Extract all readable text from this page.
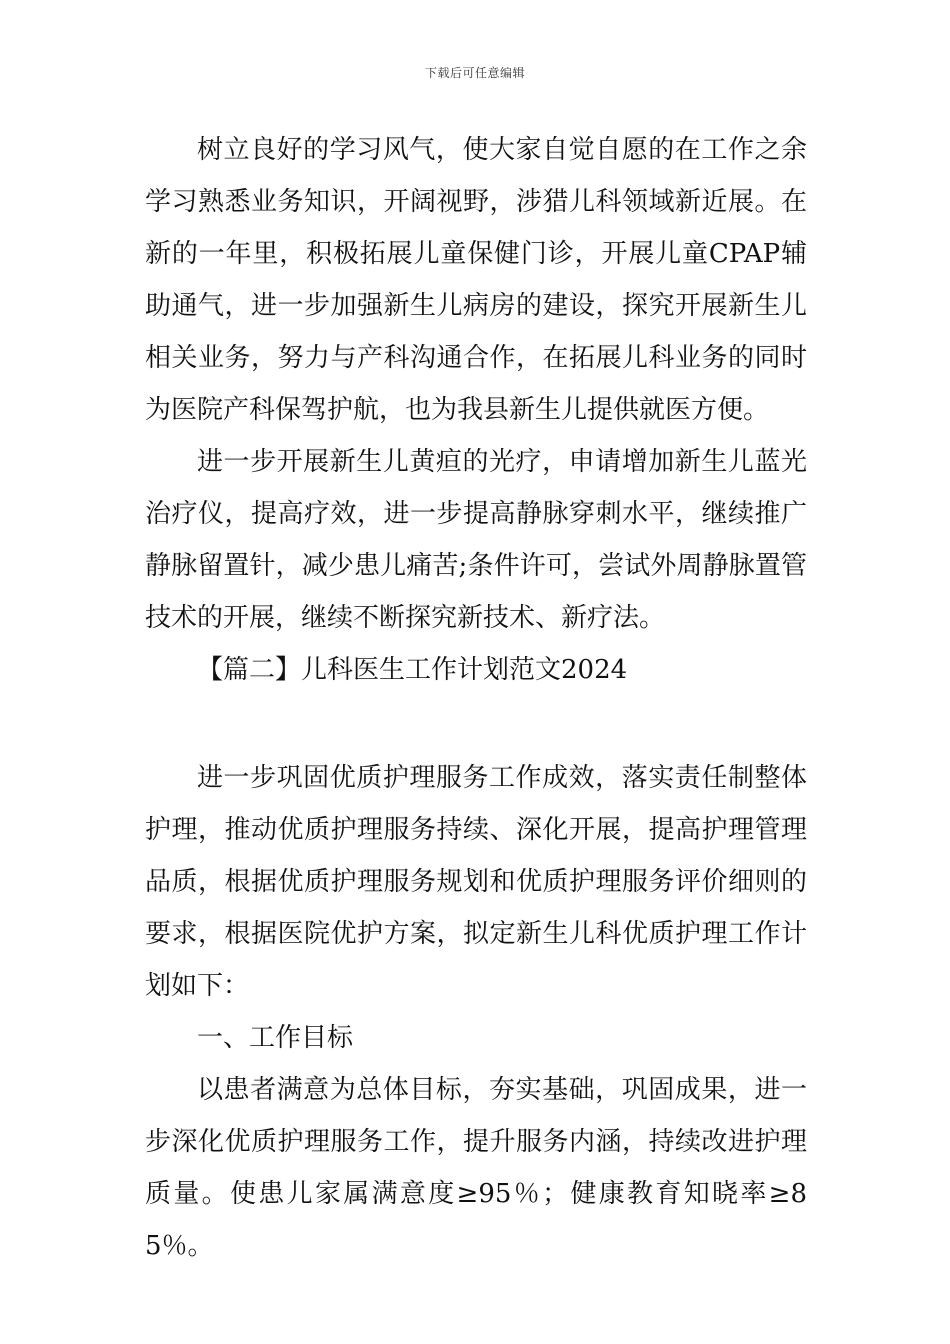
下载后可任意编辑

树立良好的学习风气，使大家自觉自愿的在工作之余学习熟悉业务知识，开阔视野，涉猎儿科领域新近展。在新的一年里，积极拓展儿童保健门诊，开展儿童CPAP辅助通气，进一步加强新生儿病房的建设，探究开展新生儿相关业务，努力与产科沟通合作，在拓展儿科业务的同时为医院产科保驾护航，也为我县新生儿提供就医方便。

进一步开展新生儿黄疸的光疗，申请增加新生儿蓝光治疗仪，提高疗效，进一步提高静脉穿刺水平，继续推广静脉留置针，减少患儿痛苦;条件许可，尝试外周静脉置管技术的开展，继续不断探究新技术、新疗法。

【篇二】儿科医生工作计划范文2024

进一步巩固优质护理服务工作成效，落实责任制整体护理，推动优质护理服务持续、深化开展，提高护理管理品质，根据优质护理服务规划和优质护理服务评价细则的要求，根据医院优护方案，拟定新生儿科优质护理工作计划如下：

一、工作目标

以患者满意为总体目标，夯实基础，巩固成果，进一步深化优质护理服务工作，提升服务内涵，持续改进护理质量。使患儿家属满意度≥95％；健康教育知晓率≥85％。
